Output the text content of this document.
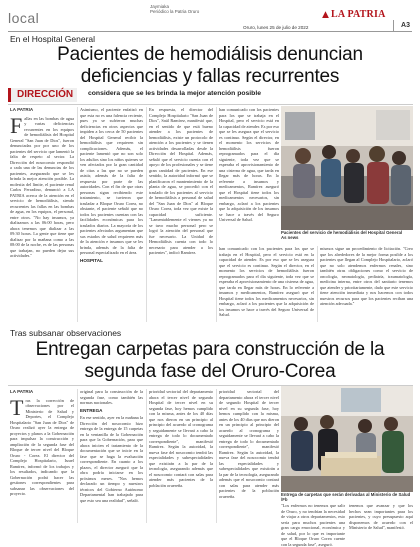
local
Jaymiaka
Periódico la Patria Oruro
Oruro, lunes 25 de julio de 2022
LA PATRIA
A3
En el Hospital General
Pacientes de hemodiálisis denuncian deficiencias y fallas recurrentes
DIRECCIÓN	considera que se les brinda la mejor atención posible
LA PATRIA
F allas en las bombas de agua y varias deficiencias recurrentes en los equipos de hemodiálisis del Hospital General "San Juan de Dios", fueron denunciadas por por uno de los pacientes del servicio que lamentó la falta de respeto al sector. La Dirección del nosocomio respondió a cada una de las denuncias de los pacientes, asegurando que se les brinda la mejor atención posible. La molestia del límite, el paciente renal Carlos Ferradino, denunció a LA PATRIA acerca de la atención en el servicio de hemodiálisis, siendo recurrentes las fallas en las bombas de agua, en los equipos, el personal, entre otros. "No hay insumos, ya dializamos a las 06:00 horas, pero ahora tenemos que dializar a las 09:30 horas. La gente que tiene que dializar por la mañana como a las 08:00 de la noche, es de las personas que trabajan, no pueden dejar sus actividades."
Asimismo, el paciente enfatizó en que esta no es una falencia reciente, pues ya se sufrieron muchas deficiencias en otros aspectos que impiden a los cerca de 50 pacientes del Hospital General recibir la hemodiálisis que requieren sin complicaciones. Además, el paciente lamentó que no son solo los adultos sino los niños quienes se ven afectados por la gran cantidad de citas a las que no se pueden asistir, además de la falta de respuesta por parte de las autoridades. Con el fin de que otras personas sigan recibiendo este tratamiento, se tuvieron que trasladar a Bloque Oruro Corea, no obstante, el paciente señaló que no todos los pacientes cuentan con las facilidades económicas para los traslados diarios. La mayoría de los pacientes afectados argumentan que sus estados de salud requieren más de la atención e insumos que se les brinda, además de la falta de personal especializado en el área.
HOSPITAL
En respuesta, el director del Complejo Hospitalario "San Juan de Dios", Saúl Ramírez, manifestó que, en el sentido de que está bueno atender a los pacientes de hemodiálisis, existe un protocolo de atención a los pacientes y se tienen actividades desarrolladas desde la Dirección del Hospital. Además, señaló que el servicio cuenta con el apoyo de los profesionales y se tiene gran cantidad de pacientes. En ese sentido, la autoridad informó que se planificaron el mantenimiento de la planta de agua, se procedió con el traslado de los pacientes al servicio de hemodiálisis a personal de salud del "San Juan de Dios" al Bloque Oruro Corea, toda vez que existe la capacidad suficiente. "Lamentablemente el viernes ya no se tuvo mucho personal pero se logró la atención del personal que fue necesario. La Unidad de Hemodiálisis cuenta con todo lo necesario para atender a los pacientes", indicó Ramírez.
Pacientes del servicio de hemodiálisis del Hospital General
As news
han comunicado con los pacientes para los que se trabaja en el Hospital, pero el servicio está en la capacidad de atender. Es por eso que se les asegura que el servicio es continuo. Según el director, en el momento los servicios de hemodiálisis fueron reprogramados para el día siguiente, toda vez que se esperaba el aprovisionamiento de una cisterna de agua, que tarda en llegar más de horas. En lo referente a insumos y medicamentos, Ramírez aseguró que el Hospital tiene todos los medicamentos necesarios, sin embargo, aclaró a los pacientes que la adquisición de los insumos se hace a través del Seguro Universal de Salud.
mismos sigue un procedimiento de licitación. "Creo que los alrededores de la mejor forma posible a los pacientes que llegan al Complejo Hospitalario, aclaró que no solo atendemos enfermos renales, sino también otras obligaciones como el servicio de oncología, neonatología, pediatría, traumatología, medicina interna, entre otros del sanitario tenemos que atender y prioritariamente, dado que este servicio tiene atención inmediata y nos hacemos con todos nuestros recursos para que los pacientes reciban una atención adecuada."
han comunicado con los pacientes para los que se trabaja en el Hospital, pero el servicio está en la capacidad de atender. Es por eso que se les asegura que el servicio es continuo. Según el director, en el momento los servicios de hemodiálisis fueron reprogramados para el día siguiente, toda vez que se esperaba el aprovisionamiento de una cisterna de agua, que tarda en llegar más de horas. En lo referente a insumos y medicamentos, Ramírez aseguró que el Hospital tiene todos los medicamentos necesarios, sin embargo, aclaró a los pacientes que la adquisición de los insumos se hace a través del Seguro Universal de Salud.
Tras subsanar observaciones
Entregan carpetas para construcción de la segunda fase del Oruro-Corea
LA PATRIA
T ras la corrección de observaciones por el Ministerio de Salud y Deportes, el Complejo Hospitalario "San Juan de Dios" de Oruro realizó ayer la entrega de proyectos y planos a la Gobernación para impulsar la construcción y ampliación de la segunda fase del Bloque de tercer nivel del Bloque Oruro - Corea. El director del Complejo Hospitalario, Israel Ramírez, informó de los trabajos y los resultados, indicando que la Gobernación podrá hacer las gestiones correspondientes para subsanar las observaciones del proyecto.
original para la construcción de la segunda fase, como también las normas nacionales.
ENTREGA
En ese sentido, ayer en la mañana la Dirección del nosocomio hizo entrega de la entrega de 15 carpetas en la ventanilla de la Gobernación para que la Gobernación, para que ahora inicien el tratamiento de la documentación que se inicie en la fase que se haga la evaluación correspondiente. En cuanto a los plazos, el director aseguró que la obra podría iniciarse en los próximos meses. "Nos hemos declarado un tiempo y nuestros técnicos del Gobierno Autónomo Departamental han trabajado para que esto sea una realidad", señaló.
prioridad sectorial del departamento ahora el tercer nivel de segundo Hospital de tercer nivel en su segunda fase, hoy hemos cumplido con la misma, antes de los 40 días que nos dieron en un principio al principio del acuerdo al cronograma y seguidamente se llevará a cabo la entrega de todo lo documentado correspondiente", manifestó Ramírez. Según la autoridad, la nueva fase del nosocomio tendrá las especialidades y subespecialidades que existirán a la par de la tecnología, asegurando además que el nosocomio contará con salas para atender más pacientes de la población oruereña.
prioridad sectorial del departamento ahora el tercer nivel de segundo Hospital de tercer nivel en su segunda fase, hoy hemos cumplido con la misma, antes de los 40 días que nos dieron en un principio al principio del acuerdo al cronograma y seguidamente se llevará a cabo la entrega de todo lo documentado correspondiente", manifestó Ramírez. Según la autoridad, la nueva fase del nosocomio tendrá las especialidades y subespecialidades que existirán a la par de la tecnología, asegurando además que el nosocomio contará con salas para atender más pacientes de la población oruereña.	Entrega de carpetas que serán derivadas al Ministerio de Salud /Fb
"Los enfermos no tenemos que salir de Oruro, y no tendrían la necesidad de viajar a otros departamentos, esto sería para muchos pacientes una gran carga emocional, económica y de salud, por lo que es importante que el Bloque Oruro Corea cuente con la segunda fase", aseguró.
tenemos que avanzar y que los hechos sean importantes para los pacientes, y cuyo presupuesto aquí disponemos de acuerdo con el Ministerio de Salud", manifestó.
